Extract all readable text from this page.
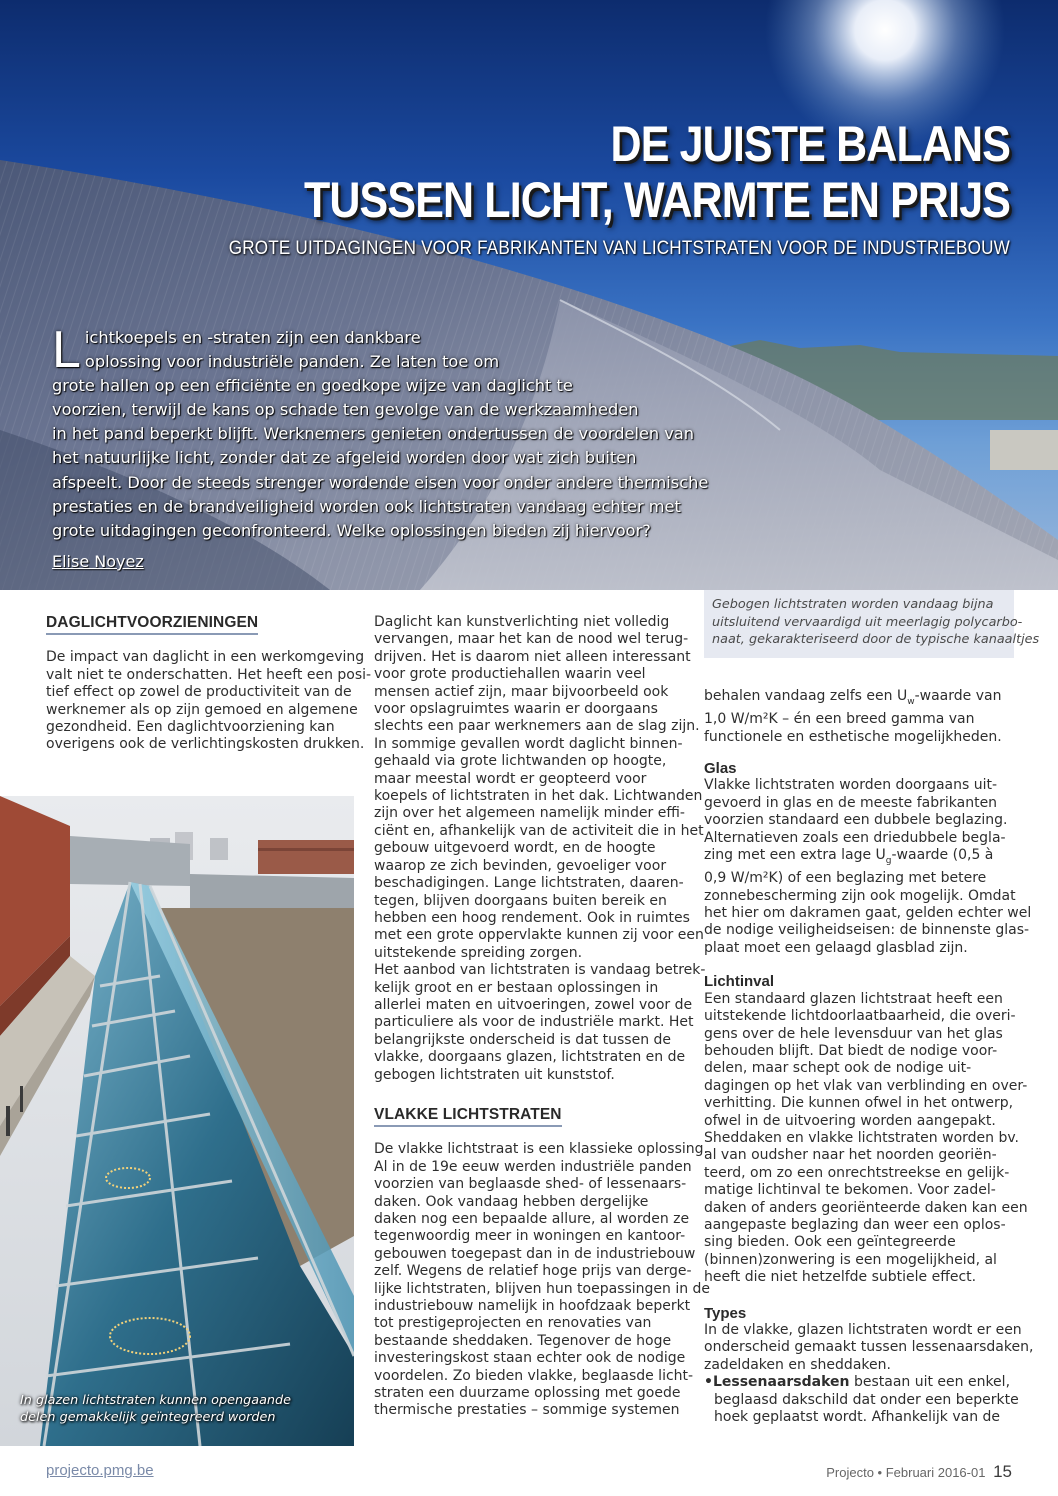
DE JUISTE BALANS
TUSSEN LICHT, WARMTE EN PRIJS
GROTE UITDAGINGEN VOOR FABRIKANTEN VAN LICHTSTRATEN VOOR DE INDUSTRIEBOUW
L ichtkoepels en -straten zijn een dankbare
oplossing voor industriële panden. Ze laten toe om
grote hallen op een efficiënte en goedkope wijze van daglicht te
voorzien, terwijl de kans op schade ten gevolge van de werkzaamheden
in het pand beperkt blijft. Werknemers genieten ondertussen de voordelen van
het natuurlijke licht, zonder dat ze afgeleid worden door wat zich buiten
afspeelt. Door de steeds strenger wordende eisen voor onder andere thermische
prestaties en de brandveiligheid worden ook lichtstraten vandaag echter met
grote uitdagingen geconfronteerd. Welke oplossingen bieden zij hiervoor?
Elise Noyez
DAGLICHTVOORZIENINGEN
De impact van daglicht in een werkomgeving
valt niet te onderschatten. Het heeft een posi-
tief effect op zowel de productiviteit van de
werknemer als op zijn gemoed en algemene
gezondheid. Een daglichtvoorziening kan
overigens ook de verlichtingskosten drukken.
In glazen lichtstraten kunnen opengaande
delen gemakkelijk geïntegreerd worden
Daglicht kan kunstverlichting niet volledig
vervangen, maar het kan de nood wel terug-
drijven. Het is daarom niet alleen interessant
voor grote productiehallen waarin veel
mensen actief zijn, maar bijvoorbeeld ook
voor opslagruimtes waarin er doorgaans
slechts een paar werknemers aan de slag zijn.
In sommige gevallen wordt daglicht binnen-
gehaald via grote lichtwanden op hoogte,
maar meestal wordt er geopteerd voor
koepels of lichtstraten in het dak. Lichtwanden
zijn over het algemeen namelijk minder effi-
ciënt en, afhankelijk van de activiteit die in het
gebouw uitgevoerd wordt, en de hoogte
waarop ze zich bevinden, gevoeliger voor
beschadigingen. Lange lichtstraten, daaren-
tegen, blijven doorgaans buiten bereik en
hebben een hoog rendement. Ook in ruimtes
met een grote oppervlakte kunnen zij voor een
uitstekende spreiding zorgen.
Het aanbod van lichtstraten is vandaag betrek-
kelijk groot en er bestaan oplossingen in
allerlei maten en uitvoeringen, zowel voor de
particuliere als voor de industriële markt. Het
belangrijkste onderscheid is dat tussen de
vlakke, doorgaans glazen, lichtstraten en de
gebogen lichtstraten uit kunststof.
VLAKKE LICHTSTRATEN
De vlakke lichtstraat is een klassieke oplossing.
Al in de 19e eeuw werden industriële panden
voorzien van beglaasde shed- of lessenaars-
daken. Ook vandaag hebben dergelijke
daken nog een bepaalde allure, al worden ze
tegenwoordig meer in woningen en kantoor-
gebouwen toegepast dan in de industriebouw
zelf. Wegens de relatief hoge prijs van derge-
lijke lichtstraten, blijven hun toepassingen in de
industriebouw namelijk in hoofdzaak beperkt
tot prestigeprojecten en renovaties van
bestaande sheddaken. Tegenover de hoge
investeringskost staan echter ook de nodige
voordelen. Zo bieden vlakke, beglaasde licht-
straten een duurzame oplossing met goede
thermische prestaties – sommige systemen
Gebogen lichtstraten worden vandaag bijna
uitsluitend vervaardigd uit meerlagig polycarbo-
naat, gekarakteriseerd door de typische kanaaltjes
behalen vandaag zelfs een $U_w$-waarde van
1,0 W/m²K – én een breed gamma van
functionele en esthetische mogelijkheden.
Glas
Vlakke lichtstraten worden doorgaans uit-
gevoerd in glas en de meeste fabrikanten
voorzien standaard een dubbele beglazing.
Alternatieven zoals een driedubbele begla-
zing met een extra lage $U_g$-waarde (0,5 à
0,9 W/m²K) of een beglazing met betere
zonnebescherming zijn ook mogelijk. Omdat
het hier om dakramen gaat, gelden echter wel
de nodige veiligheidseisen: de binnenste glas-
plaat moet een gelaagd glasblad zijn.
Lichtinval
Een standaard glazen lichtstraat heeft een
uitstekende lichtdoorlaatbaarheid, die overi-
gens over de hele levensduur van het glas
behouden blijft. Dat biedt de nodige voor-
delen, maar schept ook de nodige uit-
dagingen op het vlak van verblinding en over-
verhitting. Die kunnen ofwel in het ontwerp,
ofwel in de uitvoering worden aangepakt.
Sheddaken en vlakke lichtstraten worden bv.
al van oudsher naar het noorden georiën-
teerd, om zo een onrechtstreekse en gelijk-
matige lichtinval te bekomen. Voor zadel-
daken of anders georiënteerde daken kan een
aangepaste beglazing dan weer een oplos-
sing bieden. Ook een geïntegreerde
(binnen)zonwering is een mogelijkheid, al
heeft die niet hetzelfde subtiele effect.
Types
In de vlakke, glazen lichtstraten wordt er een
onderscheid gemaakt tussen lessenaarsdaken,
zadeldaken en sheddaken.
•Lessenaarsdaken bestaan uit een enkel,
beglaasd dakschild dat onder een beperkte
hoek geplaatst wordt. Afhankelijk van de
projecto.pmg.be	Projecto • Februari 2016-01 15
